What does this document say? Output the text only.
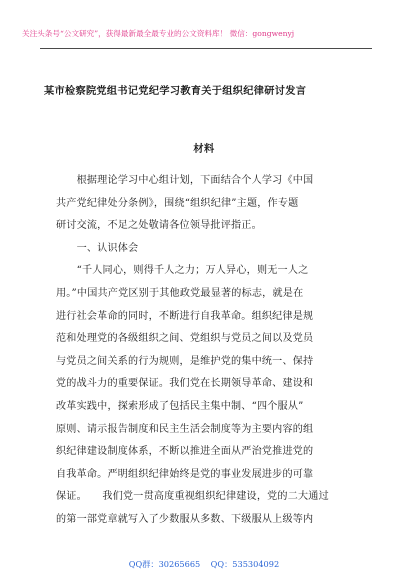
关注头条号“公文研究”，获得最新最全最专业的公文资料库！ 微信：gongwenyj
某市检察院党组书记党纪学习教育关于组织纪律研讨发言
材料
　　根据理论学习中心组计划，下面结合个人学习《中国
共产党纪律处分条例》，围绕“组织纪律”主题，作专题
研讨交流，不足之处敬请各位领导批评指正。
　　一、认识体会
　　“千人同心，则得千人之力；万人异心，则无一人之
用。”中国共产党区别于其他政党最显著的标志，就是在
进行社会革命的同时，不断进行自我革命。组织纪律是规
范和处理党的各级组织之间、党组织与党员之间以及党员
与党员之间关系的行为规则，是维护党的集中统一、保持
党的战斗力的重要保证。我们党在长期领导革命、建设和
改革实践中，探索形成了包括民主集中制、“四个服从”
原则、请示报告制度和民主生活会制度等为主要内容的组
织纪律建设制度体系，不断以推进全面从严治党推进党的
自我革命。严明组织纪律始终是党的事业发展进步的可靠
保证。　　我们党一贯高度重视组织纪律建设，党的二大通过
的第一部党章就写入了少数服从多数、下级服从上级等内
QQ群：30265665    QQ：535304092
